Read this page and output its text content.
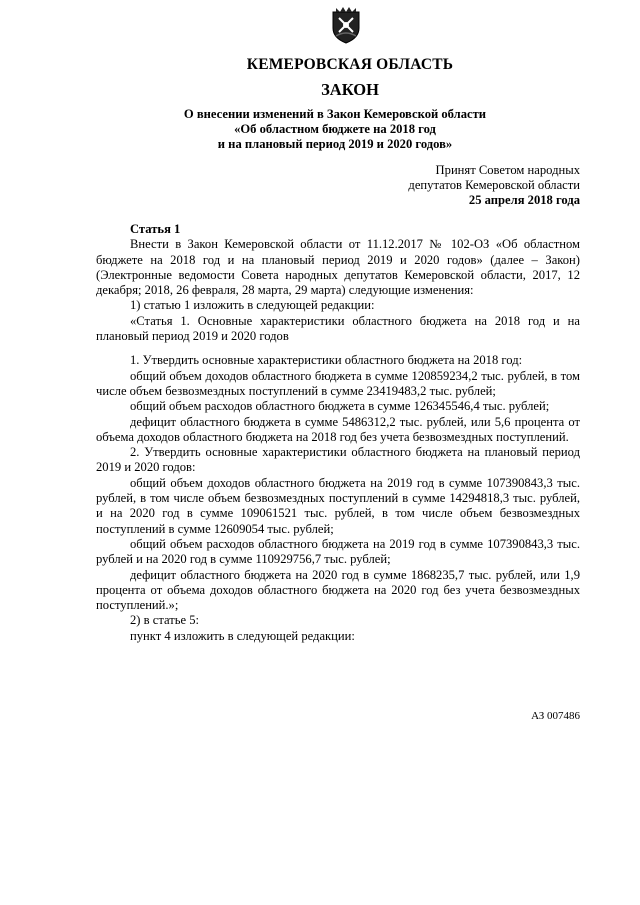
КЕМЕРОВСКАЯ ОБЛАСТЬ
ЗАКОН
О внесении изменений в Закон Кемеровской области
«Об областном бюджете на 2018 год
и на плановый период 2019 и 2020 годов»
Принят Советом народных
депутатов Кемеровской области
25 апреля 2018 года

Статья 1

Внести в Закон Кемеровской области от 11.12.2017 № 102-ОЗ «Об областном бюджете на 2018 год и на плановый период 2019 и 2020 годов» (далее – Закон) (Электронные ведомости Совета народных депутатов Кемеровской области, 2017, 12 декабря; 2018, 26 февраля, 28 марта, 29 марта) следующие изменения:

1) статью 1 изложить в следующей редакции:

«Статья 1. Основные характеристики областного бюджета на 2018 год и на плановый период 2019 и 2020 годов

1. Утвердить основные характеристики областного бюджета на 2018 год:

общий объем доходов областного бюджета в сумме 120859234,2 тыс. рублей, в том числе объем безвозмездных поступлений в сумме 23419483,2 тыс. рублей;

общий объем расходов областного бюджета в сумме 126345546,4 тыс. рублей;

дефицит областного бюджета в сумме 5486312,2 тыс. рублей, или 5,6 процента от объема доходов областного бюджета на 2018 год без учета безвозмездных поступлений.

2. Утвердить основные характеристики областного бюджета на плановый период 2019 и 2020 годов:

общий объем доходов областного бюджета на 2019 год в сумме 107390843,3 тыс. рублей, в том числе объем безвозмездных поступлений в сумме 14294818,3 тыс. рублей, и на 2020 год в сумме 109061521 тыс. рублей, в том числе объем безвозмездных поступлений в сумме 12609054 тыс. рублей;

общий объем расходов областного бюджета на 2019 год в сумме 107390843,3 тыс. рублей и на 2020 год в сумме 110929756,7 тыс. рублей;

дефицит областного бюджета на 2020 год в сумме 1868235,7 тыс. рублей, или 1,9 процента от объема доходов областного бюджета на 2020 год без учета безвозмездных поступлений.»;

2) в статье 5:

пункт 4 изложить в следующей редакции:

АЗ 007486
